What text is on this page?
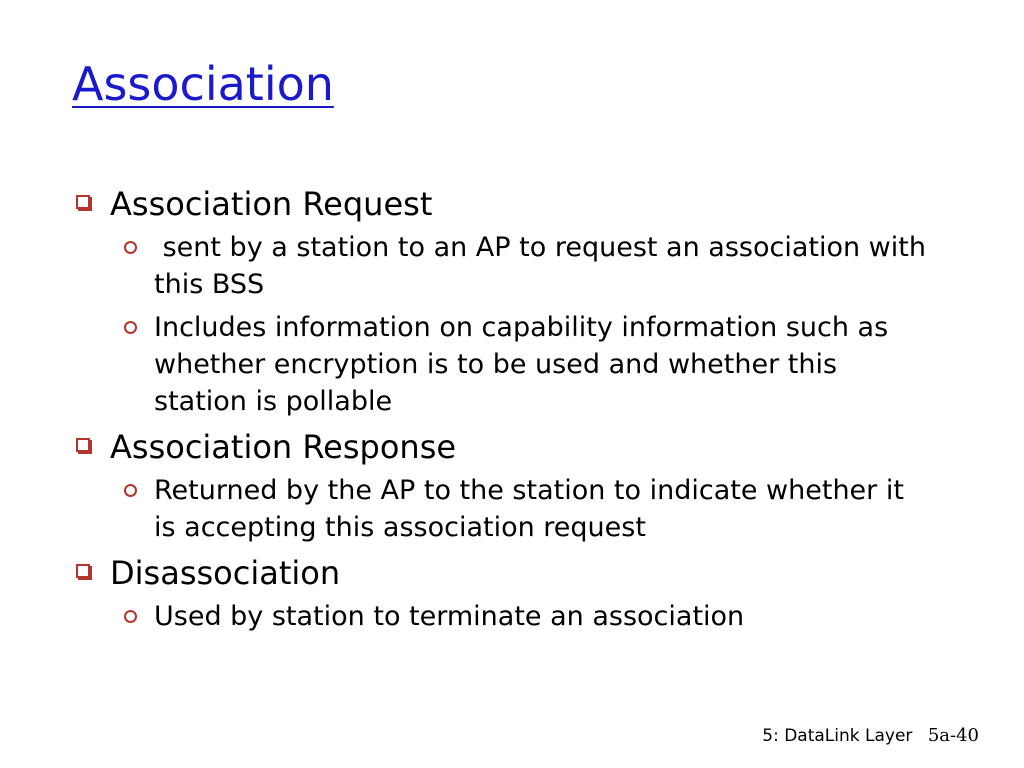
Association
Association Request
sent by a station to an AP to request an association with this BSS
Includes information on capability information such as whether encryption is to be used and whether this station is pollable
Association Response
Returned by the AP to the station to indicate whether it is accepting this association request
Disassociation
Used by station to terminate an association
5: DataLink Layer 5a-40
